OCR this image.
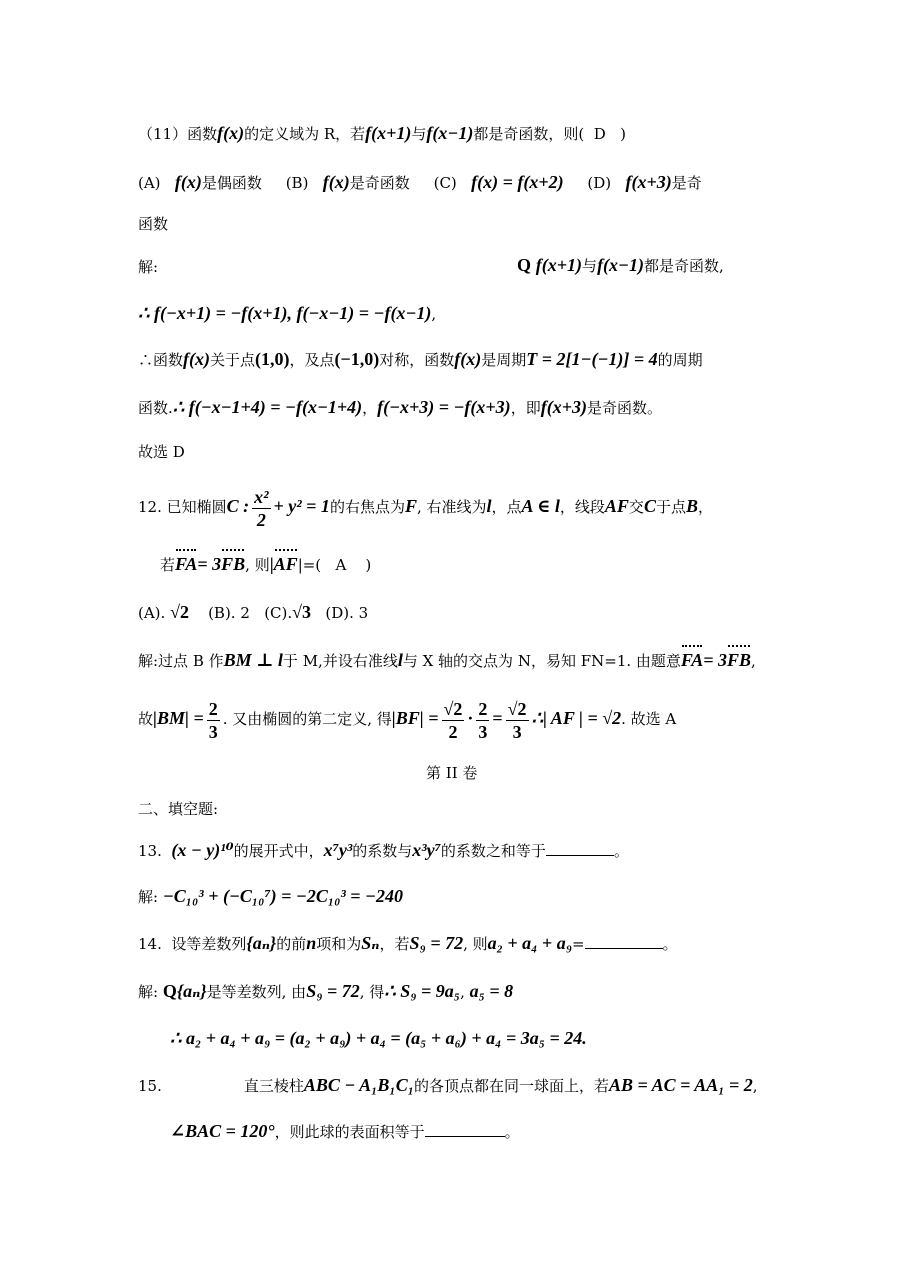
（11）函数f(x)的定义域为 R，若f(x+1)与f(x−1)都是奇函数，则( D )
(A) f(x)是偶函数 (B) f(x)是奇函数 (C) f(x) = f(x+2) (D) f(x+3)是奇
函数
解:	Q f(x+1)与f(x−1)都是奇函数,
∴ f(−x+1) = −f(x+1), f(−x−1) = −f(x−1),
∴函数f(x)关于点(1,0)，及点(−1,0)对称，函数f(x)是周期T = 2[1−(−1)] = 4的周期
函数.∴ f(−x−1+4) = −f(x−1+4)，f(−x+3) = −f(x+3)，即f(x+3)是奇函数。
故选 D
12. 已知椭圆C : $\frac{\text{x²}}{2} + y^2 = 1$的右焦点为F, 右准线为l，点A ∈ l，线段AF交C于点B，
若FA= 3FB, 则|AF|=( A )
(A). √2 (B). 2 (C).√3 (D). 3
解:过点 B 作BM ⊥ l于 M,并设右准线l与 X 轴的交点为 N，易知 FN=1. 由题意FA= 3FB,
故$|BM| = \frac{2}{3}$ . 又由椭圆的第二定义, 得$|BF| = \frac{√2}{2} \cdot \frac{2}{3} = \frac{√2}{3}$ ∴| AF | = √2. 故选 A
第 II 卷
二、填空题:
13. (x − y)¹⁰的展开式中，x⁷y³的系数与x³y⁷的系数之和等于	。
解: −C₁₀³ + (−C₁₀⁷) = −2C₁₀³ = −240
14. 设等差数列{aₙ}的前n项和为Sₙ，若S₉ = 72, 则a₂ + a₄ + a₉=	。
解: Q{aₙ}是等差数列, 由S₉ = 72, 得∴ S₉ = 9a₅, a₅ = 8
∴ a₂ + a₄ + a₉ = (a₂ + a₉) + a₄ = (a₅ + a₆) + a₄ = 3a₅ = 24.
15.	直三棱柱ABC − A₁B₁C₁的各顶点都在同一球面上，若AB = AC = AA₁ = 2,
∠BAC = 120°，则此球的表面积等于	。
